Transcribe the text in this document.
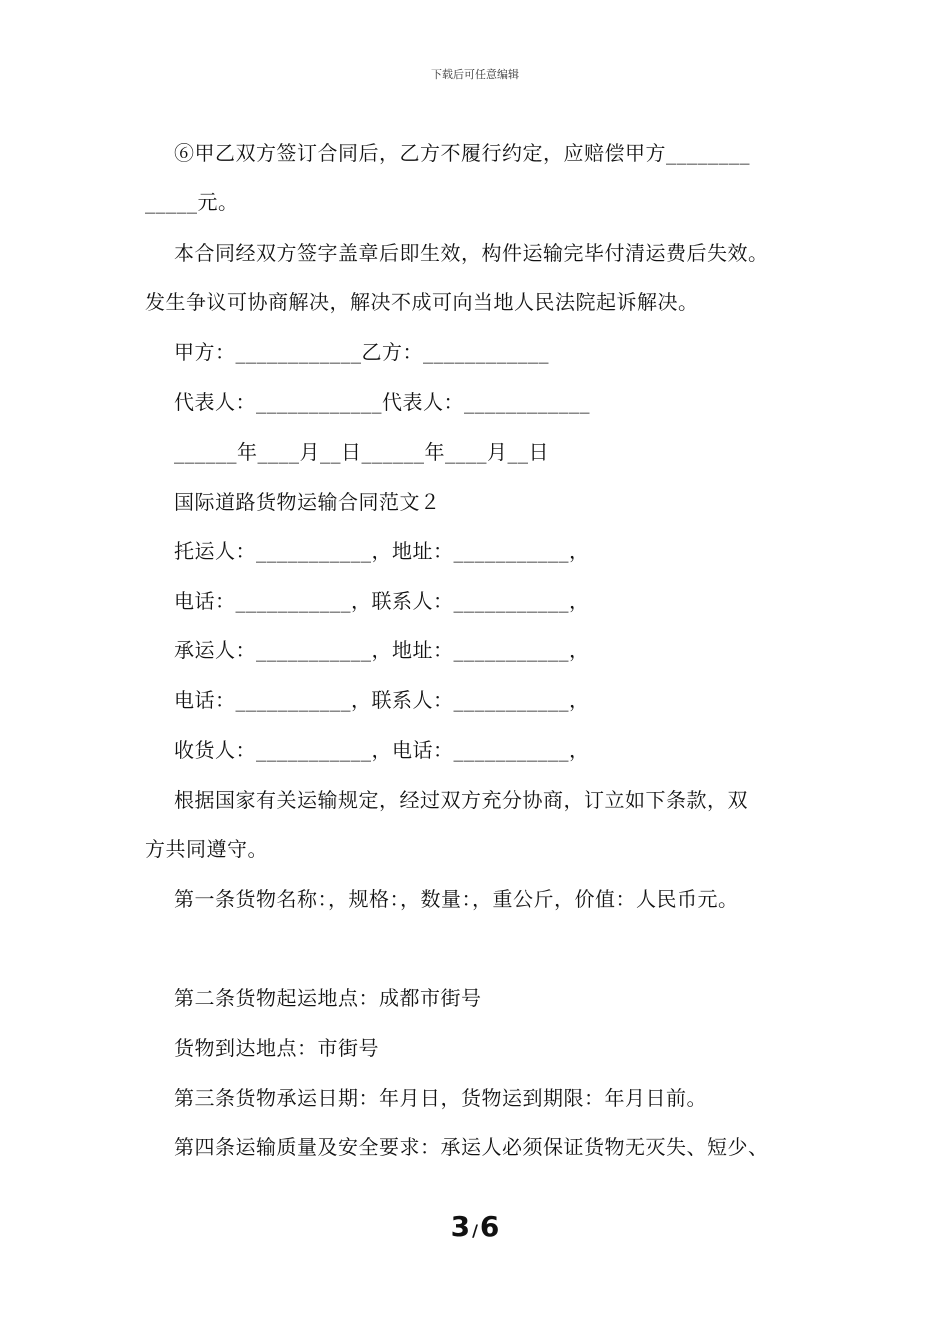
下载后可任意编辑
⑥甲乙双方签订合同后，乙方不履行约定，应赔偿甲方________
_____元。
本合同经双方签字盖章后即生效，构件运输完毕付清运费后失效。
发生争议可协商解决，解决不成可向当地人民法院起诉解决。
甲方：____________乙方：____________
代表人：____________代表人：____________
______年____月__日______年____月__日
国际道路货物运输合同范文２
托运人：___________，地址：___________，
电话：___________，联系人：___________，
承运人：___________，地址：___________，
电话：___________，联系人：___________，
收货人：___________，电话：___________，
根据国家有关运输规定，经过双方充分协商，订立如下条款，双
方共同遵守。
第一条货物名称：，规格：，数量：，重公斤，价值：人民币元。
第二条货物起运地点：成都市街号
货物到达地点：市街号
第三条货物承运日期：年月日，货物运到期限：年月日前。
第四条运输质量及安全要求：承运人必须保证货物无灭失、短少、
3 /6
